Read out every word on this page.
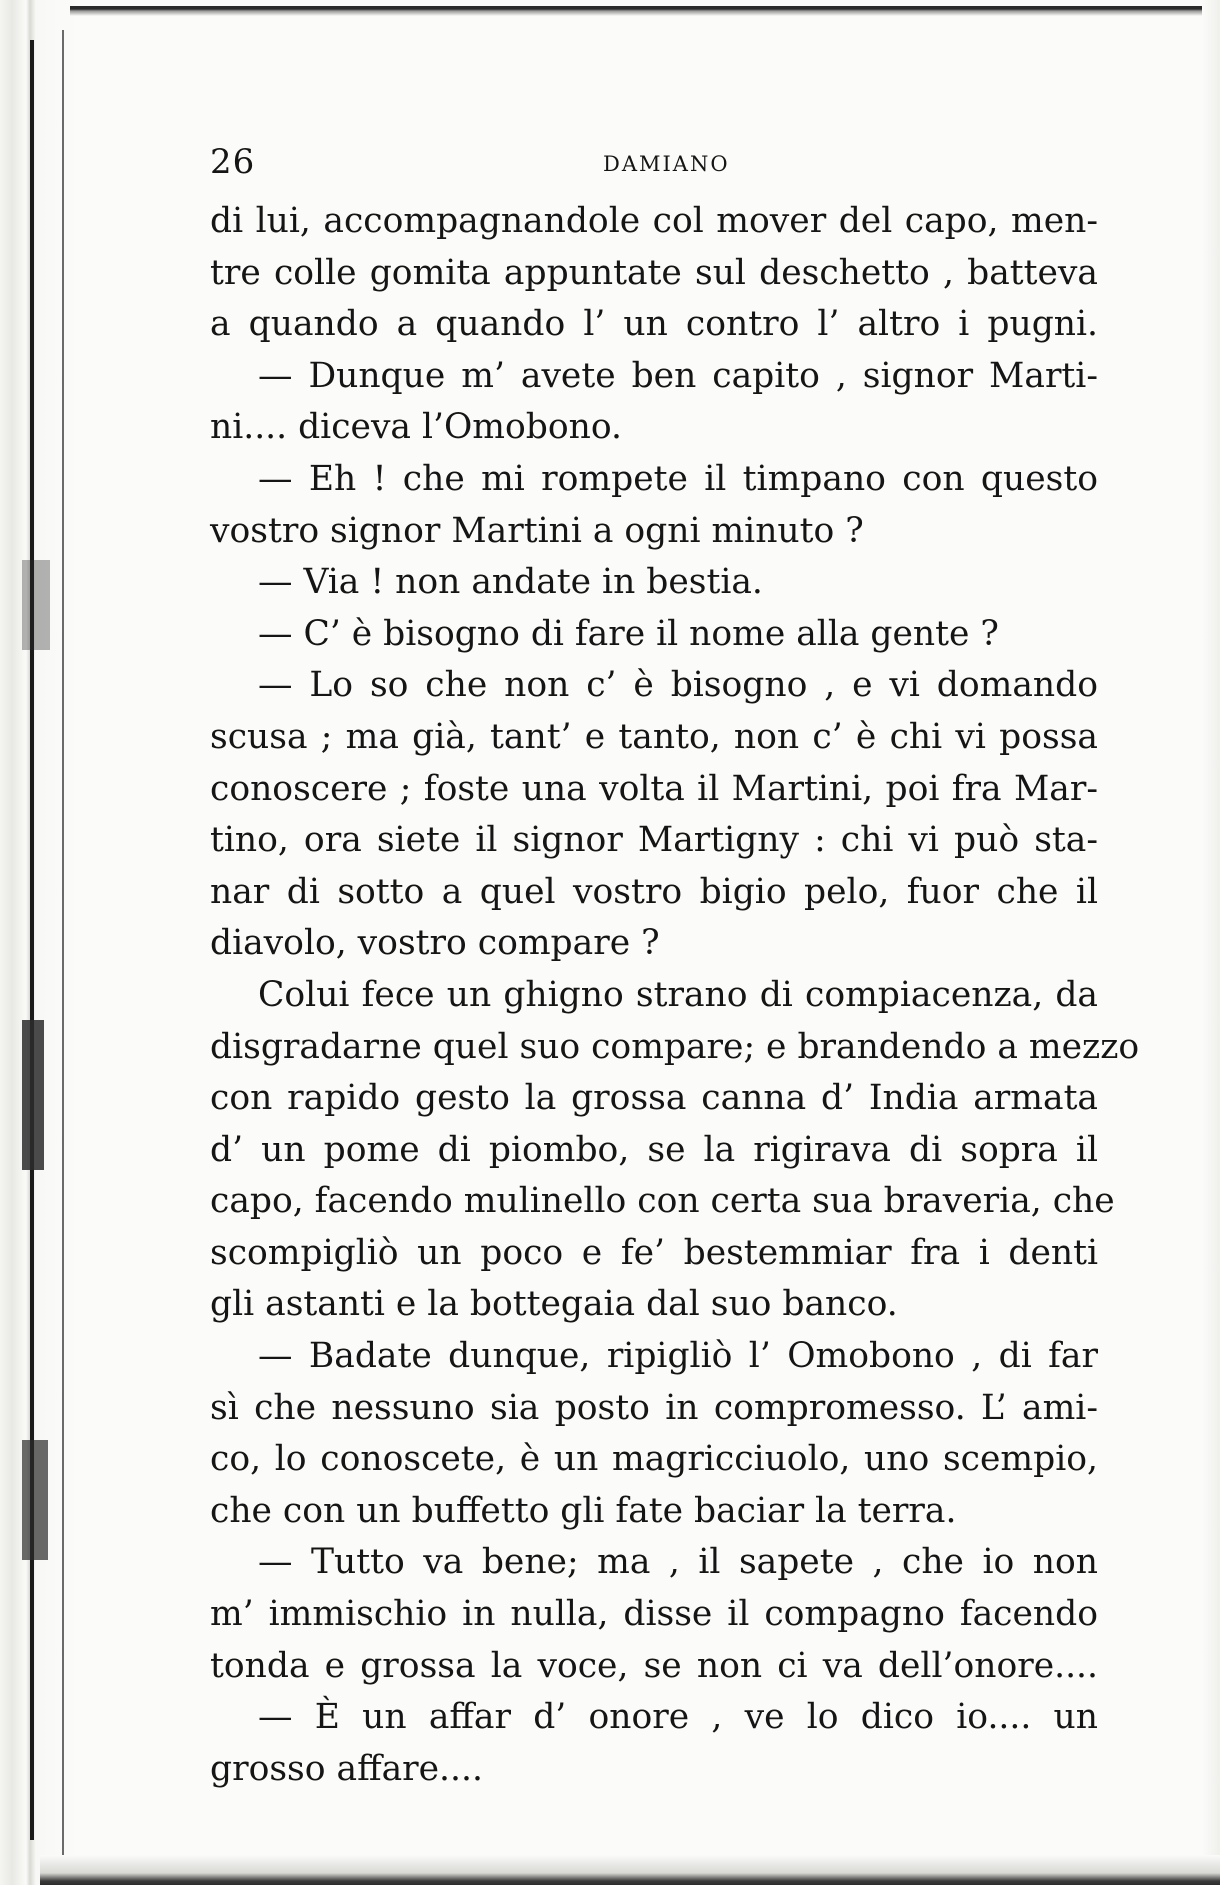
26	DAMIANO
di lui, accompagnandole col mover del capo, men-
tre colle gomita appuntate sul deschetto , batteva
a quando a quando l’ un contro l’ altro i pugni.
— Dunque m’ avete ben capito , signor Marti-
ni.... diceva l’Omobono.
— Eh ! che mi rompete il timpano con questo
vostro signor Martini a ogni minuto ?
— Via ! non andate in bestia.
— C’ è bisogno di fare il nome alla gente ?
— Lo so che non c’ è bisogno , e vi domando
scusa ; ma già, tant’ e tanto, non c’ è chi vi possa
conoscere ; foste una volta il Martini, poi fra Mar-
tino, ora siete il signor Martigny : chi vi può sta-
nar di sotto a quel vostro bigio pelo, fuor che il
diavolo, vostro compare ?
Colui fece un ghigno strano di compiacenza, da
disgradarne quel suo compare; e brandendo a mezzo
con rapido gesto la grossa canna d’ India armata
d’ un pome di piombo, se la rigirava di sopra il
capo, facendo mulinello con certa sua braveria, che
scompigliò un poco e fe’ bestemmiar fra i denti
gli astanti e la bottegaia dal suo banco.
— Badate dunque, ripigliò l’ Omobono , di far
sì che nessuno sia posto in compromesso. L’ ami-
co, lo conoscete, è un magricciuolo, uno scempio,
che con un buffetto gli fate baciar la terra.
— Tutto va bene; ma , il sapete , che io non
m’ immischio in nulla, disse il compagno facendo
tonda e grossa la voce, se non ci va dell’onore....
— È un affar d’ onore , ve lo dico io.... un
grosso affare....
